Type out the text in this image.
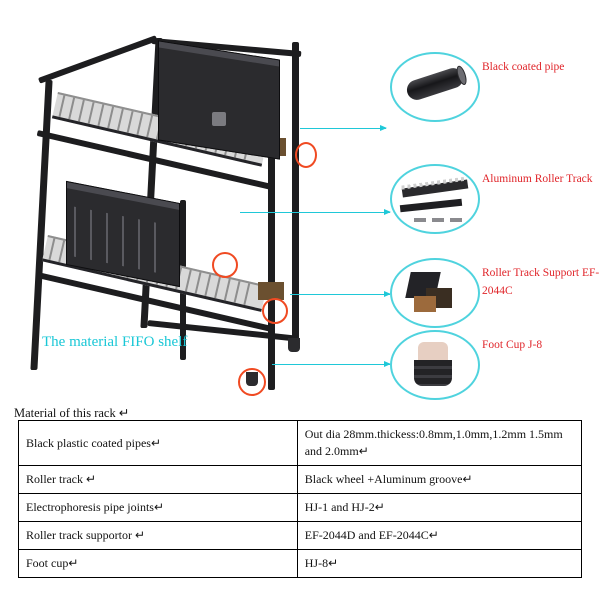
The material FIFO shelf
Black coated pipe
Aluminum Roller Track
Roller Track Support EF-2044C
Foot Cup J-8
Material of this rack ↵
Black plastic coated pipes↵	Out dia 28mm.thickess:0.8mm,1.0mm,1.2mm 1.5mm and 2.0mm↵
Roller track ↵	Black wheel +Aluminum groove↵
Electrophoresis pipe joints↵	HJ-1 and HJ-2↵
Roller track supportor ↵	EF-2044D and EF-2044C↵
Foot cup↵	HJ-8↵
